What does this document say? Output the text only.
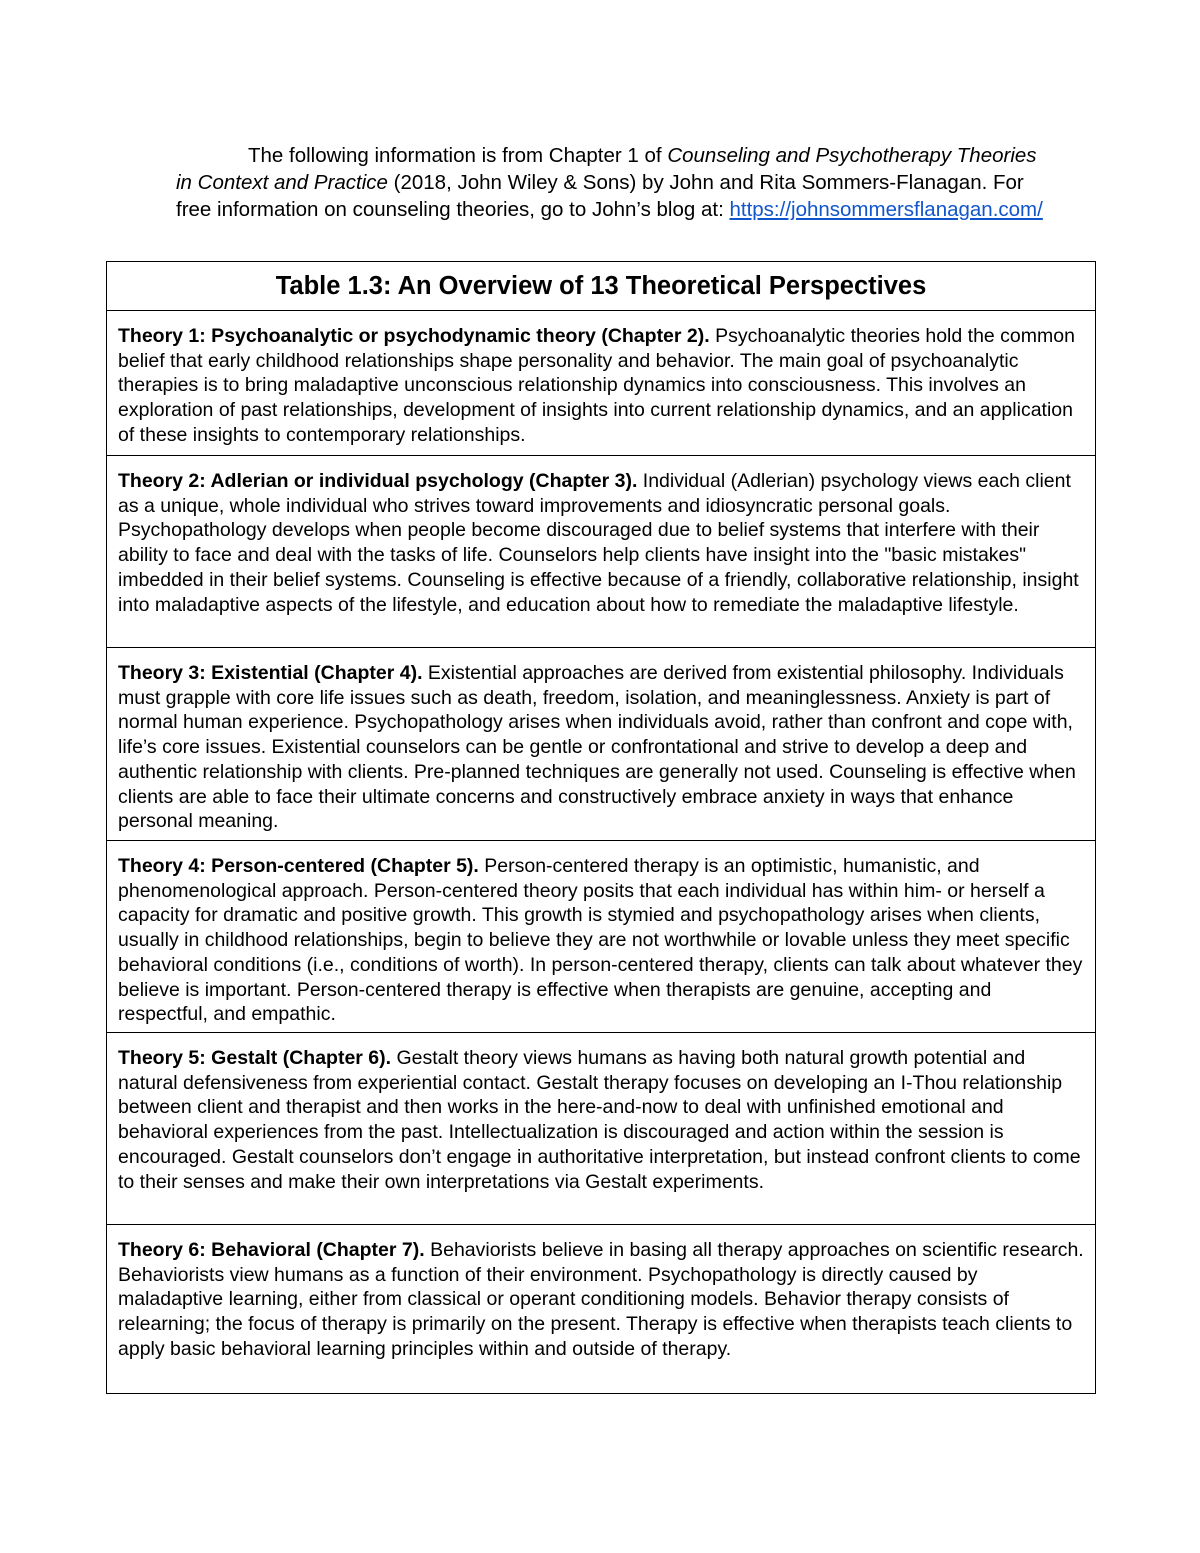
The following information is from Chapter 1 of Counseling and Psychotherapy Theories in Context and Practice (2018, John Wiley & Sons) by John and Rita Sommers-Flanagan. For free information on counseling theories, go to John’s blog at: https://johnsommersflanagan.com/

Table 1.3: An Overview of 13 Theoretical Perspectives

Theory 1: Psychoanalytic or psychodynamic theory (Chapter 2). Psychoanalytic theories hold the common belief that early childhood relationships shape personality and behavior. The main goal of psychoanalytic therapies is to bring maladaptive unconscious relationship dynamics into consciousness. This involves an exploration of past relationships, development of insights into current relationship dynamics, and an application of these insights to contemporary relationships.

Theory 2: Adlerian or individual psychology (Chapter 3). Individual (Adlerian) psychology views each client as a unique, whole individual who strives toward improvements and idiosyncratic personal goals. Psychopathology develops when people become discouraged due to belief systems that interfere with their ability to face and deal with the tasks of life. Counselors help clients have insight into the "basic mistakes" imbedded in their belief systems. Counseling is effective because of a friendly, collaborative relationship, insight into maladaptive aspects of the lifestyle, and education about how to remediate the maladaptive lifestyle.

Theory 3: Existential (Chapter 4). Existential approaches are derived from existential philosophy. Individuals must grapple with core life issues such as death, freedom, isolation, and meaninglessness. Anxiety is part of normal human experience. Psychopathology arises when individuals avoid, rather than confront and cope with, life’s core issues. Existential counselors can be gentle or confrontational and strive to develop a deep and authentic relationship with clients. Pre-planned techniques are generally not used. Counseling is effective when clients are able to face their ultimate concerns and constructively embrace anxiety in ways that enhance personal meaning.

Theory 4: Person-centered (Chapter 5). Person-centered therapy is an optimistic, humanistic, and phenomenological approach. Person-centered theory posits that each individual has within him- or herself a capacity for dramatic and positive growth. This growth is stymied and psychopathology arises when clients, usually in childhood relationships, begin to believe they are not worthwhile or lovable unless they meet specific behavioral conditions (i.e., conditions of worth). In person-centered therapy, clients can talk about whatever they believe is important. Person-centered therapy is effective when therapists are genuine, accepting and respectful, and empathic.

Theory 5: Gestalt (Chapter 6). Gestalt theory views humans as having both natural growth potential and natural defensiveness from experiential contact. Gestalt therapy focuses on developing an I-Thou relationship between client and therapist and then works in the here-and-now to deal with unfinished emotional and behavioral experiences from the past. Intellectualization is discouraged and action within the session is encouraged. Gestalt counselors don’t engage in authoritative interpretation, but instead confront clients to come to their senses and make their own interpretations via Gestalt experiments.

Theory 6: Behavioral (Chapter 7). Behaviorists believe in basing all therapy approaches on scientific research. Behaviorists view humans as a function of their environment. Psychopathology is directly caused by maladaptive learning, either from classical or operant conditioning models. Behavior therapy consists of relearning; the focus of therapy is primarily on the present. Therapy is effective when therapists teach clients to apply basic behavioral learning principles within and outside of therapy.
